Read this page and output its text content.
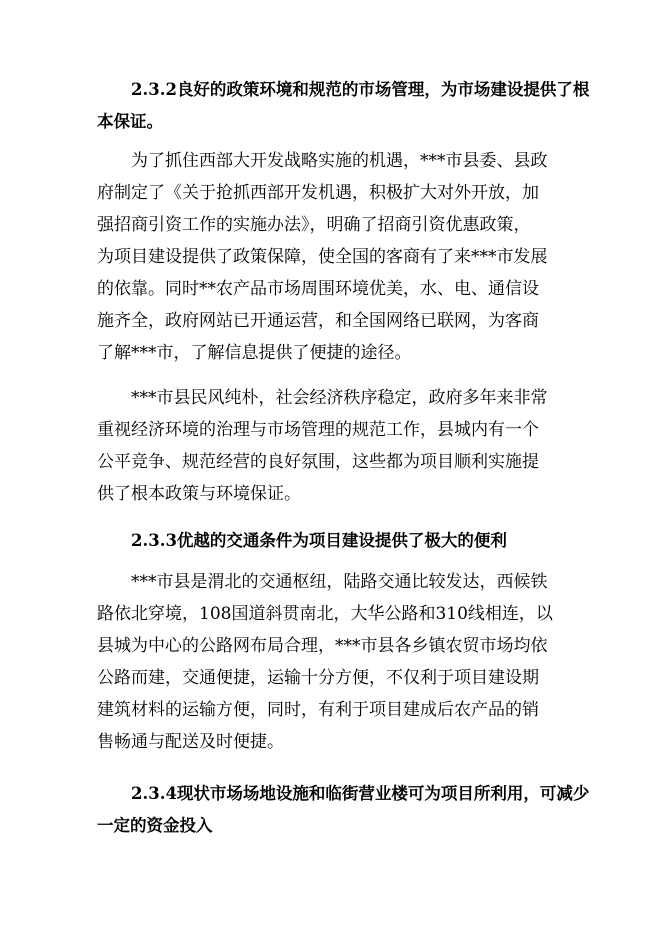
2.3.2良好的政策环境和规范的市场管理，为市场建设提供了根
本保证。
为了抓住西部大开发战略实施的机遇，***市县委、县政
府制定了《关于抢抓西部开发机遇，积极扩大对外开放，加
强招商引资工作的实施办法》，明确了招商引资优惠政策，
为项目建设提供了政策保障，使全国的客商有了来***市发展
的依靠。同时**农产品市场周围环境优美，水、电、通信设
施齐全，政府网站已开通运营，和全国网络已联网，为客商
了解***市，了解信息提供了便捷的途径。
***市县民风纯朴，社会经济秩序稳定，政府多年来非常
重视经济环境的治理与市场管理的规范工作，县城内有一个
公平竞争、规范经营的良好氛围，这些都为项目顺利实施提
供了根本政策与环境保证。
2.3.3优越的交通条件为项目建设提供了极大的便利
***市县是渭北的交通枢纽，陆路交通比较发达，西候铁
路依北穿境，108国道斜贯南北，大华公路和310线相连，以
县城为中心的公路网布局合理，***市县各乡镇农贸市场均依
公路而建，交通便捷，运输十分方便，不仅利于项目建设期
建筑材料的运输方便，同时，有利于项目建成后农产品的销
售畅通与配送及时便捷。
2.3.4现状市场场地设施和临街营业楼可为项目所利用，可减少
一定的资金投入
